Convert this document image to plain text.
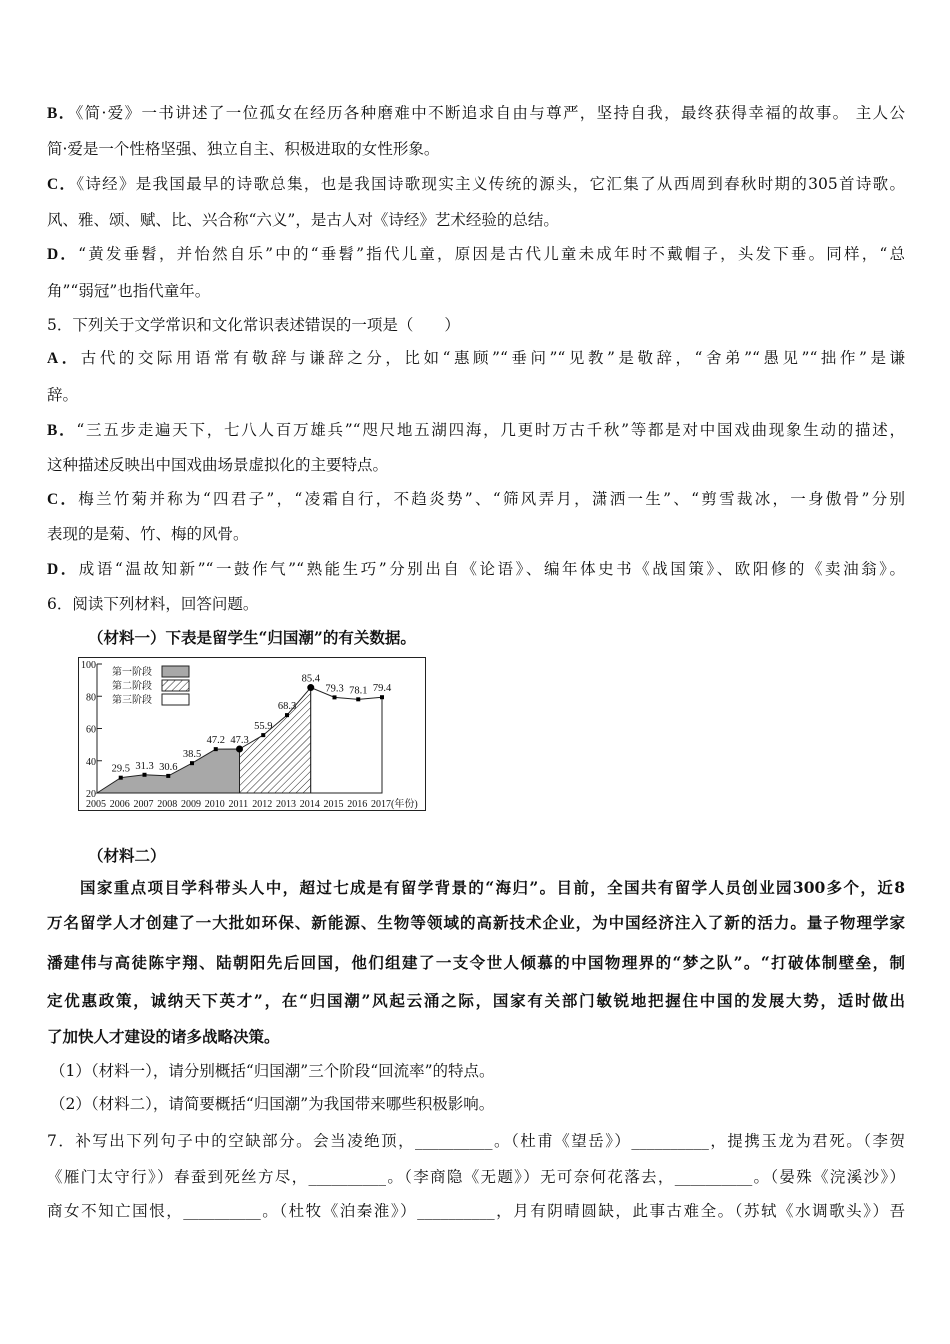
B．《简·爱》一书讲述了一位孤女在经历各种磨难中不断追求自由与尊严，坚持自我，最终获得幸福的故事。 主人公
简·爱是一个性格坚强、独立自主、积极进取的女性形象。
C．《诗经》是我国最早的诗歌总集，也是我国诗歌现实主义传统的源头，它汇集了从西周到春秋时期的305首诗歌。
风、雅、颂、赋、比、兴合称“六义”，是古人对《诗经》艺术经验的总结。
D．“黄发垂髫，并怡然自乐”中的“垂髫”指代儿童，原因是古代儿童未成年时不戴帽子，头发下垂。同样，“总
角”“弱冠”也指代童年。
5．下列关于文学常识和文化常识表述错误的一项是（　　）
A．古代的交际用语常有敬辞与谦辞之分，比如“惠顾”“垂问”“见教”是敬辞，“舍弟”“愚见”“拙作”是谦
辞。
B．“三五步走遍天下，七八人百万雄兵”“咫尺地五湖四海，几更时万古千秋”等都是对中国戏曲现象生动的描述，
这种描述反映出中国戏曲场景虚拟化的主要特点。
C．梅兰竹菊并称为“四君子”，“凌霜自行，不趋炎势”、“筛风弄月，潇洒一生”、“剪雪裁冰，一身傲骨”分别
表现的是菊、竹、梅的风骨。
D．成语“温故知新”“一鼓作气”“熟能生巧”分别出自《论语》、编年体史书《战国策》、欧阳修的《卖油翁》。
6．阅读下列材料，回答问题。
（材料一）下表是留学生“归国潮”的有关数据。
20
40
60
80
100
2005 2006 2007 2008 2009 2010 2011 2012 2013 2014 2015 2016 2017(年份)
29.5 31.3 30.6
38.5
47.2 47.3
55.9
68.3
85.4
79.3 78.1 79.4
第一阶段
第二阶段
第三阶段
（材料二）
国家重点项目学科带头人中，超过七成是有留学背景的“海归”。目前，全国共有留学人员创业园300多个，近8
万名留学人才创建了一大批如环保、新能源、生物等领域的高新技术企业，为中国经济注入了新的活力。量子物理学家
潘建伟与高徒陈宇翔、陆朝阳先后回国，他们组建了一支令世人倾慕的中国物理界的“梦之队”。“打破体制壁垒，制
定优惠政策，诚纳天下英才”，在“归国潮”风起云涌之际，国家有关部门敏锐地把握住中国的发展大势，适时做出
了加快人才建设的诸多战略决策。
（1）（材料一），请分别概括“归国潮”三个阶段“回流率”的特点。
（2）（材料二），请简要概括“归国潮”为我国带来哪些积极影响。
7．补写出下列句子中的空缺部分。会当凌绝顶，__________。（杜甫《望岳》）__________，提携玉龙为君死。（李贺
《雁门太守行》）春蚕到死丝方尽，__________。（李商隐《无题》）无可奈何花落去，__________。（晏殊《浣溪沙》）
商女不知亡国恨，__________。（杜牧《泊秦淮》）__________，月有阴晴圆缺，此事古难全。（苏轼《水调歌头》）吾
